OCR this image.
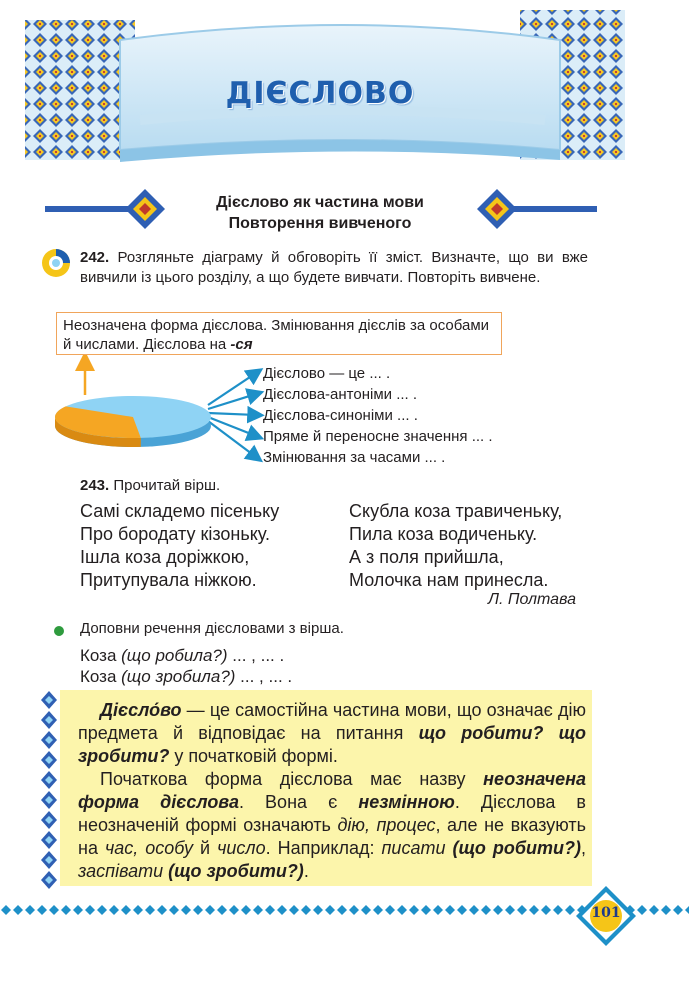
ДІЄСЛОВО
Дієслово як частина мови
Повторення вивченого
242. Розгляньте діаграму й обговоріть її зміст. Визначте, що ви вже вивчили із цього розділу, а що будете вивчати. Повторіть вивчене.
Неозначена форма дієслова. Змінювання дієслів за особами й числами. Дієслова на -ся
Дієслово — це ... .
Дієслова-антоніми ... .
Дієслова-синоніми ... .
Пряме й переносне значення ... .
Змінювання за часами ... .
243. Прочитай вірш.
Самі складемо пісеньку
Про бородату кізоньку.
Ішла коза доріжкою,
Притупувала ніжкою.
Скубла коза травиченьку,
Пила коза водиченьку.
А з поля прийшла,
Молочка нам принесла.
Л. Полтава
Доповни речення дієсловами з вірша.
Коза (що робила?) ... , ... .
Коза (що зробила?) ... , ... .

Дієсло́во — це самостійна частина мови, що означає дію предмета й відповідає на питання що робити? що зробити? у початковій формі.

Початкова форма дієслова має назву неозначена форма дієслова. Вона є незмінною. Дієслова в неозначеній формі означають дію, процес, але не вказують на час, особу й число. Наприклад: писати (що робити?), заспівати (що зробити?).

101
